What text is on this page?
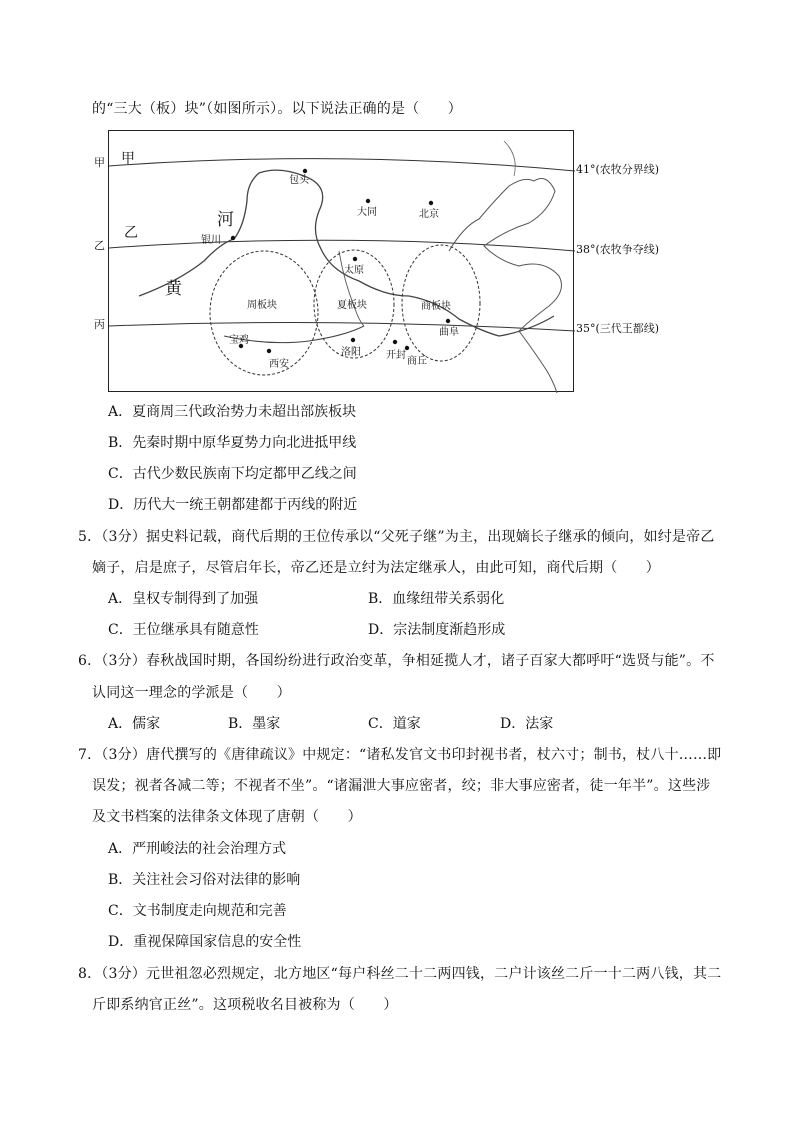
的“三大（板）块”（如图所示）。以下说法正确的是（　　）
甲
乙
丙
41°(农牧分界线)
38°(农牧争夺线)
35°(三代王都线)
甲
乙
河
黄
包头
大同	北京
银川
太原
宝鸡
西安
洛阳	开封
商丘
曲阜
周板块	夏板块	商板块
A．夏商周三代政治势力未超出部族板块
B．先秦时期中原华夏势力向北进抵甲线
C．古代少数民族南下均定都甲乙线之间
D．历代大一统王朝都建都于丙线的附近
5．（3分）据史料记载，商代后期的王位传承以“父死子继”为主，出现嫡长子继承的倾向，如纣是帝乙
嫡子，启是庶子，尽管启年长，帝乙还是立纣为法定继承人，由此可知，商代后期（　　）
A．皇权专制得到了加强	B．血缘纽带关系弱化
C．王位继承具有随意性	D．宗法制度渐趋形成
6．（3分）春秋战国时期，各国纷纷进行政治变革，争相延揽人才，诸子百家大都呼吁“选贤与能”。不
认同这一理念的学派是（　　）
A．儒家	B．墨家	C．道家	D．法家
7．（3分）唐代撰写的《唐律疏议》中规定：“诸私发官文书印封视书者，杖六寸；制书，杖八十……即
误发；视者各减二等；不视者不坐”。“诸漏泄大事应密者，绞；非大事应密者，徒一年半”。这些涉
及文书档案的法律条文体现了唐朝（　　）
A．严刑峻法的社会治理方式
B．关注社会习俗对法律的影响
C．文书制度走向规范和完善
D．重视保障国家信息的安全性
8．（3分）元世祖忽必烈规定，北方地区“每户科丝二十二两四钱，二户计该丝二斤一十二两八钱，其二
斤即系纳官正丝”。这项税收名目被称为（　　）
